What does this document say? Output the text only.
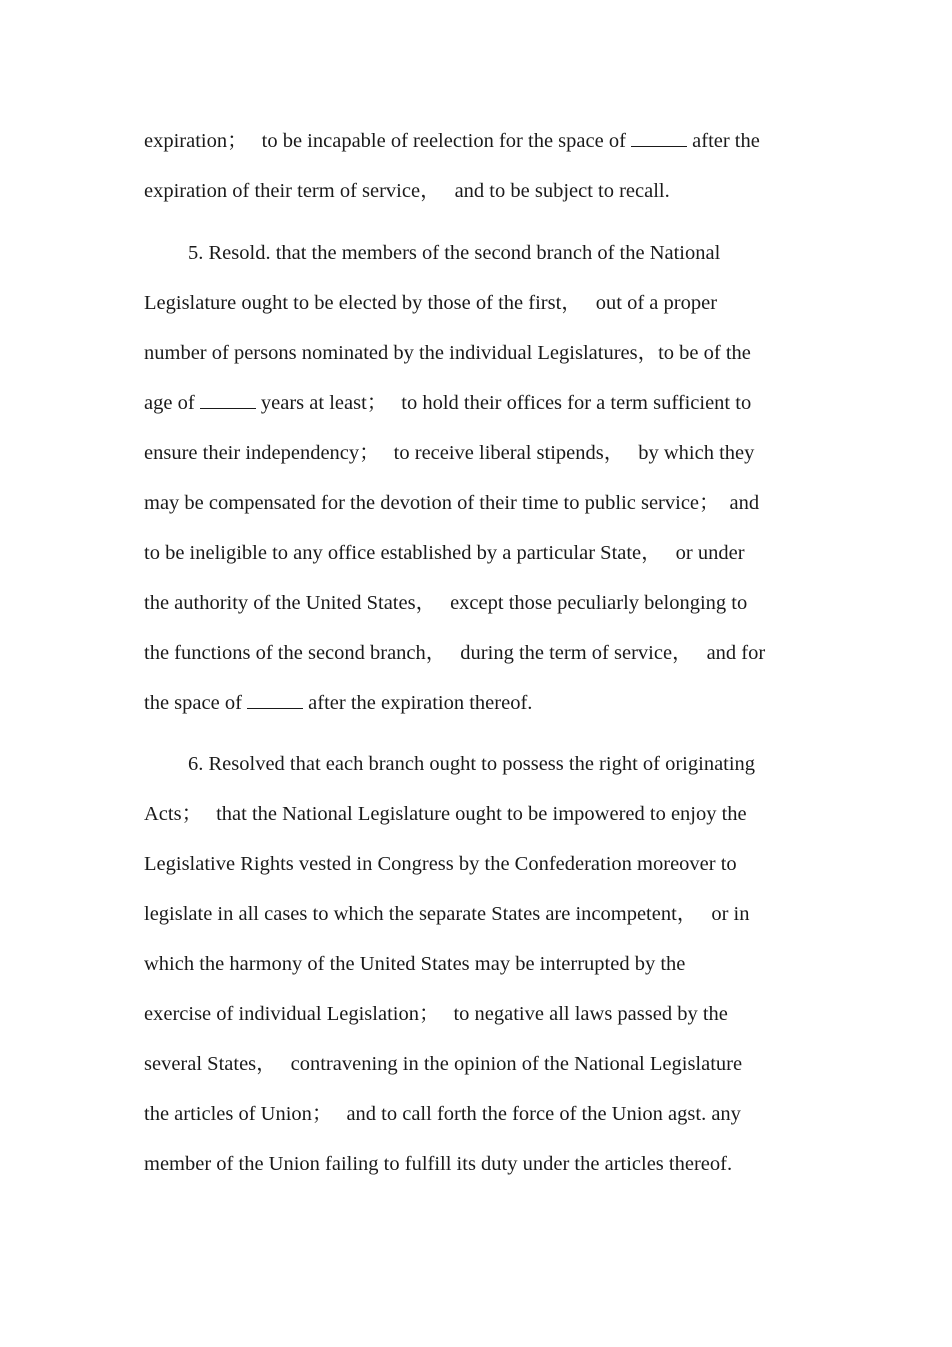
expiration； to be incapable of reelection for the space of	after the
expiration of their term of service， and to be subject to recall.
5. Resold. that the members of the second branch of the National
Legislature ought to be elected by those of the first， out of a proper
number of persons nominated by the individual Legislatures，to be of the
age of	years at least； to hold their offices for a term sufficient to
ensure their independency； to receive liberal stipends， by which they
may be compensated for the devotion of their time to public service； and
to be ineligible to any office established by a particular State， or under
the authority of the United States， except those peculiarly belonging to
the functions of the second branch， during the term of service， and for
the space of	after the expiration thereof.
6. Resolved that each branch ought to possess the right of originating
Acts； that the National Legislature ought to be impowered to enjoy the
Legislative Rights vested in Congress by the Confederation moreover to
legislate in all cases to which the separate States are incompetent， or in
which the harmony of the United States may be interrupted by the
exercise of individual Legislation； to negative all laws passed by the
several States， contravening in the opinion of the National Legislature
the articles of Union； and to call forth the force of the Union agst. any
member of the Union failing to fulfill its duty under the articles thereof.
